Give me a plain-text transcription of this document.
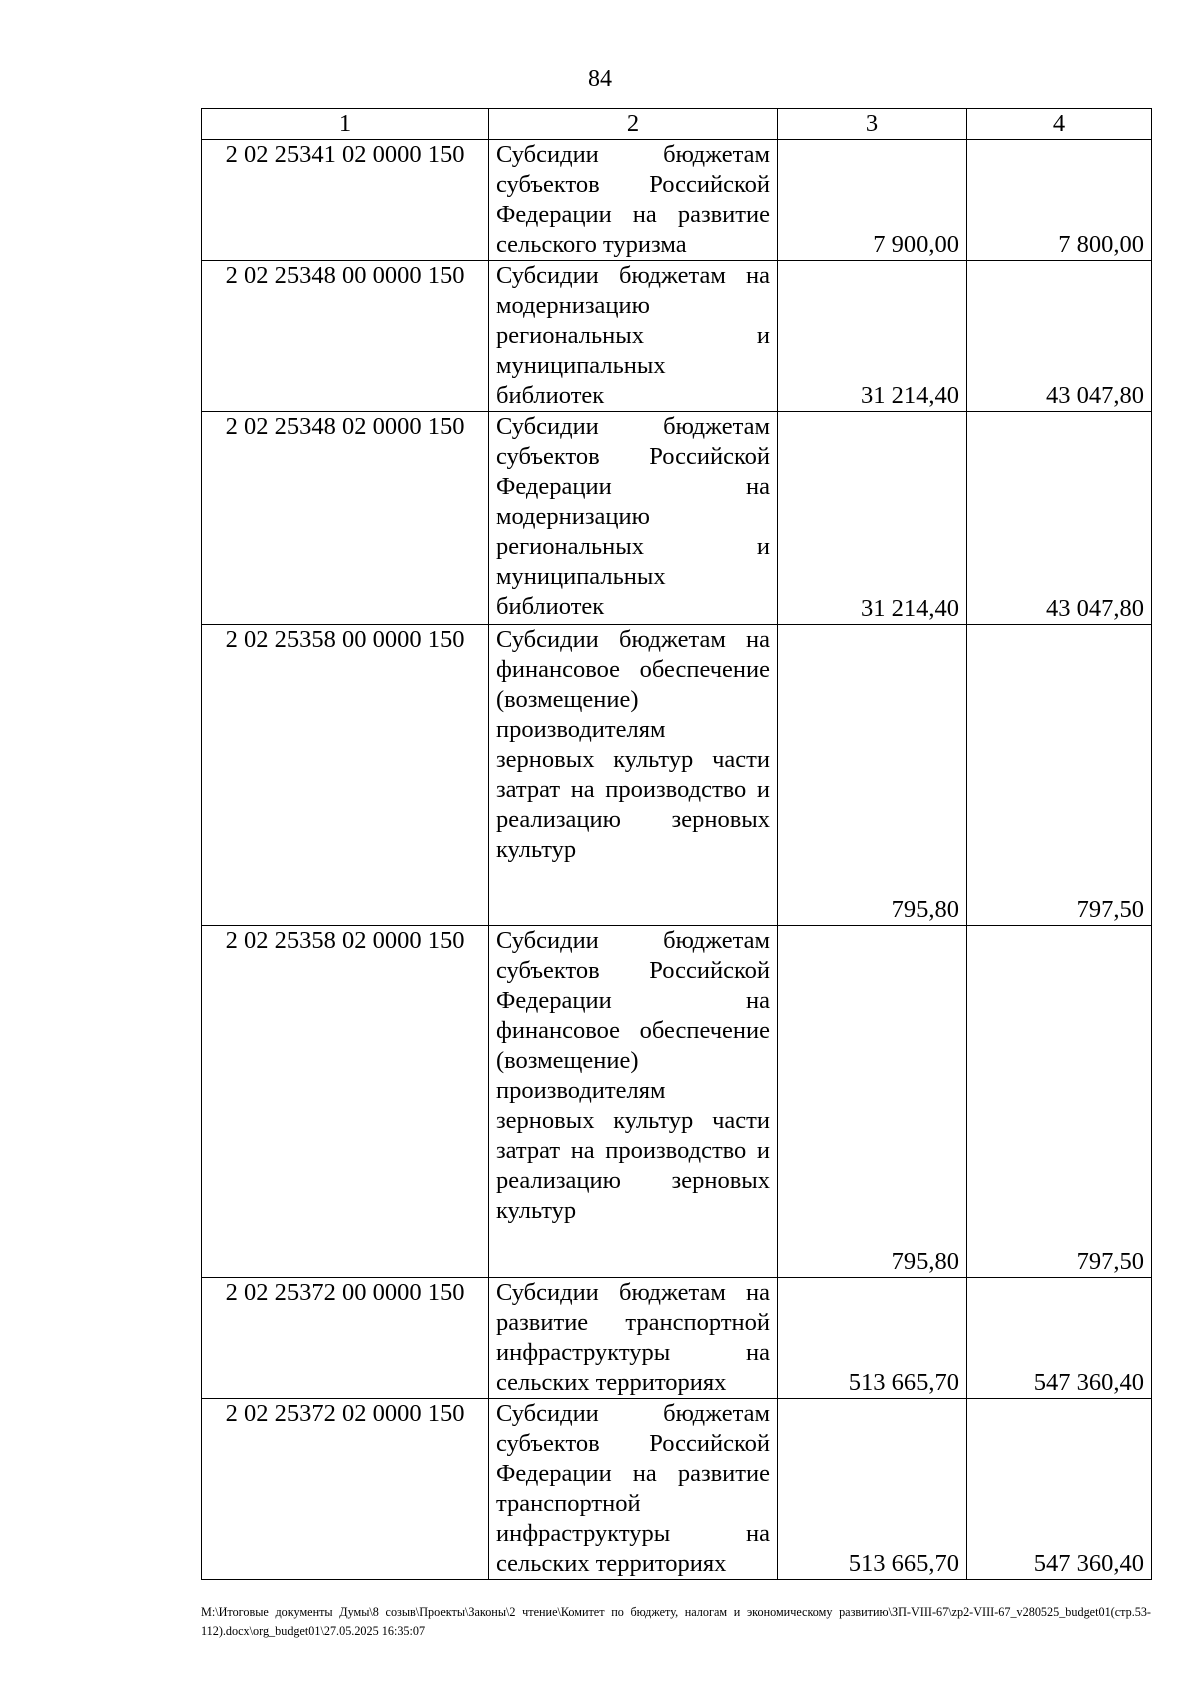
84
1	2	3	4
2 02 25341 02 0000 150	Субсидии бюджетам субъектов Российской Федерации на развитие сельского туризма	7 900,00	7 800,00
2 02 25348 00 0000 150	Субсидии бюджетам на модернизацию региональных и муниципальных библиотек	31 214,40	43 047,80
2 02 25348 02 0000 150	Субсидии бюджетам субъектов Российской Федерации на модернизацию региональных и муниципальных библиотек	31 214,40	43 047,80
2 02 25358 00 0000 150	Субсидии бюджетам на финансовое обеспечение (возмещение) производителям зерновых культур части затрат на производство и реализацию зерновых культур	795,80	797,50
2 02 25358 02 0000 150	Субсидии бюджетам субъектов Российской Федерации на финансовое обеспечение (возмещение) производителям зерновых культур части затрат на производство и реализацию зерновых культур	795,80	797,50
2 02 25372 00 0000 150	Субсидии бюджетам на развитие транспортной инфраструктуры на сельских территориях	513 665,70	547 360,40
2 02 25372 02 0000 150	Субсидии бюджетам субъектов Российской Федерации на развитие транспортной инфраструктуры на сельских территориях	513 665,70	547 360,40
M:\Итоговые документы Думы\8 созыв\Проекты\Законы\2 чтение\Комитет по бюджету, налогам и экономическому развитию\ЗП-VIII-67\zp2-VIII-67_v280525_budget01(стр.53-112).docx\org_budget01\27.05.2025 16:35:07
